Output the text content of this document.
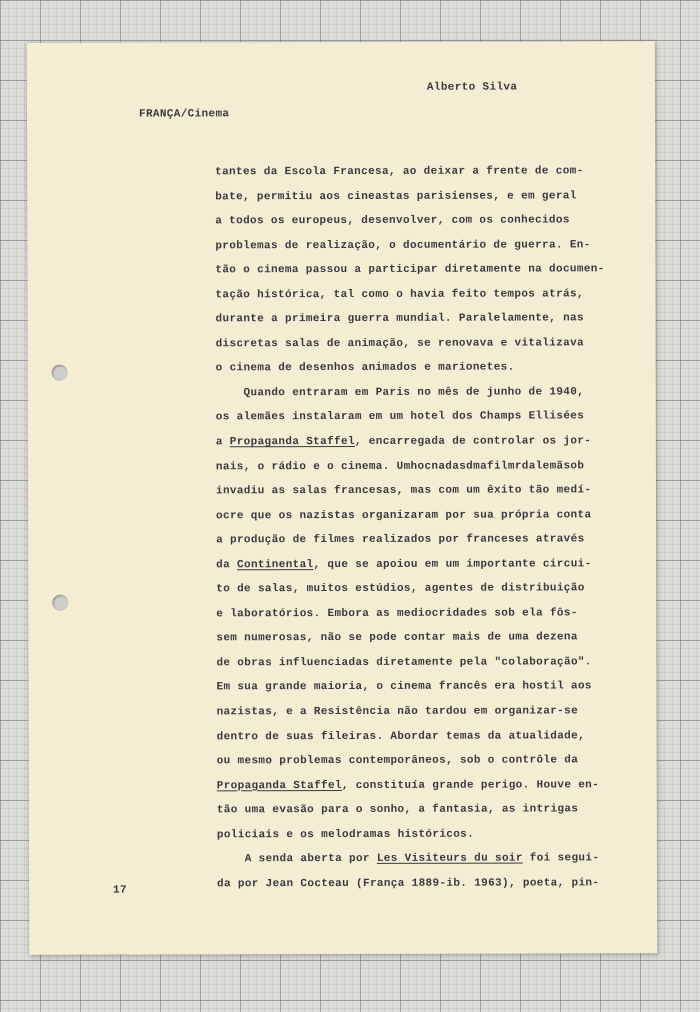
Alberto Silva

FRANÇA/Cinema

tantes da Escola Francesa, ao deixar a frente de com-
bate, permitiu aos cineastas parisienses, e em geral
a todos os europeus, desenvolver, com os conhecidos
problemas de realização, o documentário de guerra. En-
tão o cinema passou a participar diretamente na documen-
tação histórica, tal como o havia feito tempos atrás,
durante a primeira guerra mundial. Paralelamente, nas
discretas salas de animação, se renovava e vitalizava
o cinema de desenhos animados e marionetes.
Quando entraram em Paris no mês de junho de 1940,
os alemães instalaram em um hotel dos Champs Ellisées
a Propaganda Staffel, encarregada de controlar os jor-
nais, o rádio e o cinema. Umhocnadasdmafilmrdalemãsob
invadiu as salas francesas, mas com um êxito tão medí-
ocre que os nazistas organizaram por sua própria conta
a produção de filmes realizados por franceses através
da Continental, que se apoiou em um importante circui-
to de salas, muitos estúdios, agentes de distribuição
e laboratórios. Embora as mediocridades sob ela fôs-
sem numerosas, não se pode contar mais de uma dezena
de obras influenciadas diretamente pela "colaboração".
Em sua grande maioria, o cinema francês era hostil aos
nazistas, e a Resistência não tardou em organizar-se
dentro de suas fileiras. Abordar temas da atualidade,
ou mesmo problemas contemporâneos, sob o contrôle da
Propaganda Staffel, constituía grande perigo. Houve en-
tão uma evasão para o sonho, a fantasia, as intrigas
policiais e os melodramas históricos.
A senda aberta por Les Visiteurs du soir foi segui-
da por Jean Cocteau (França 1889-ib. 1963), poeta, pin-

17
